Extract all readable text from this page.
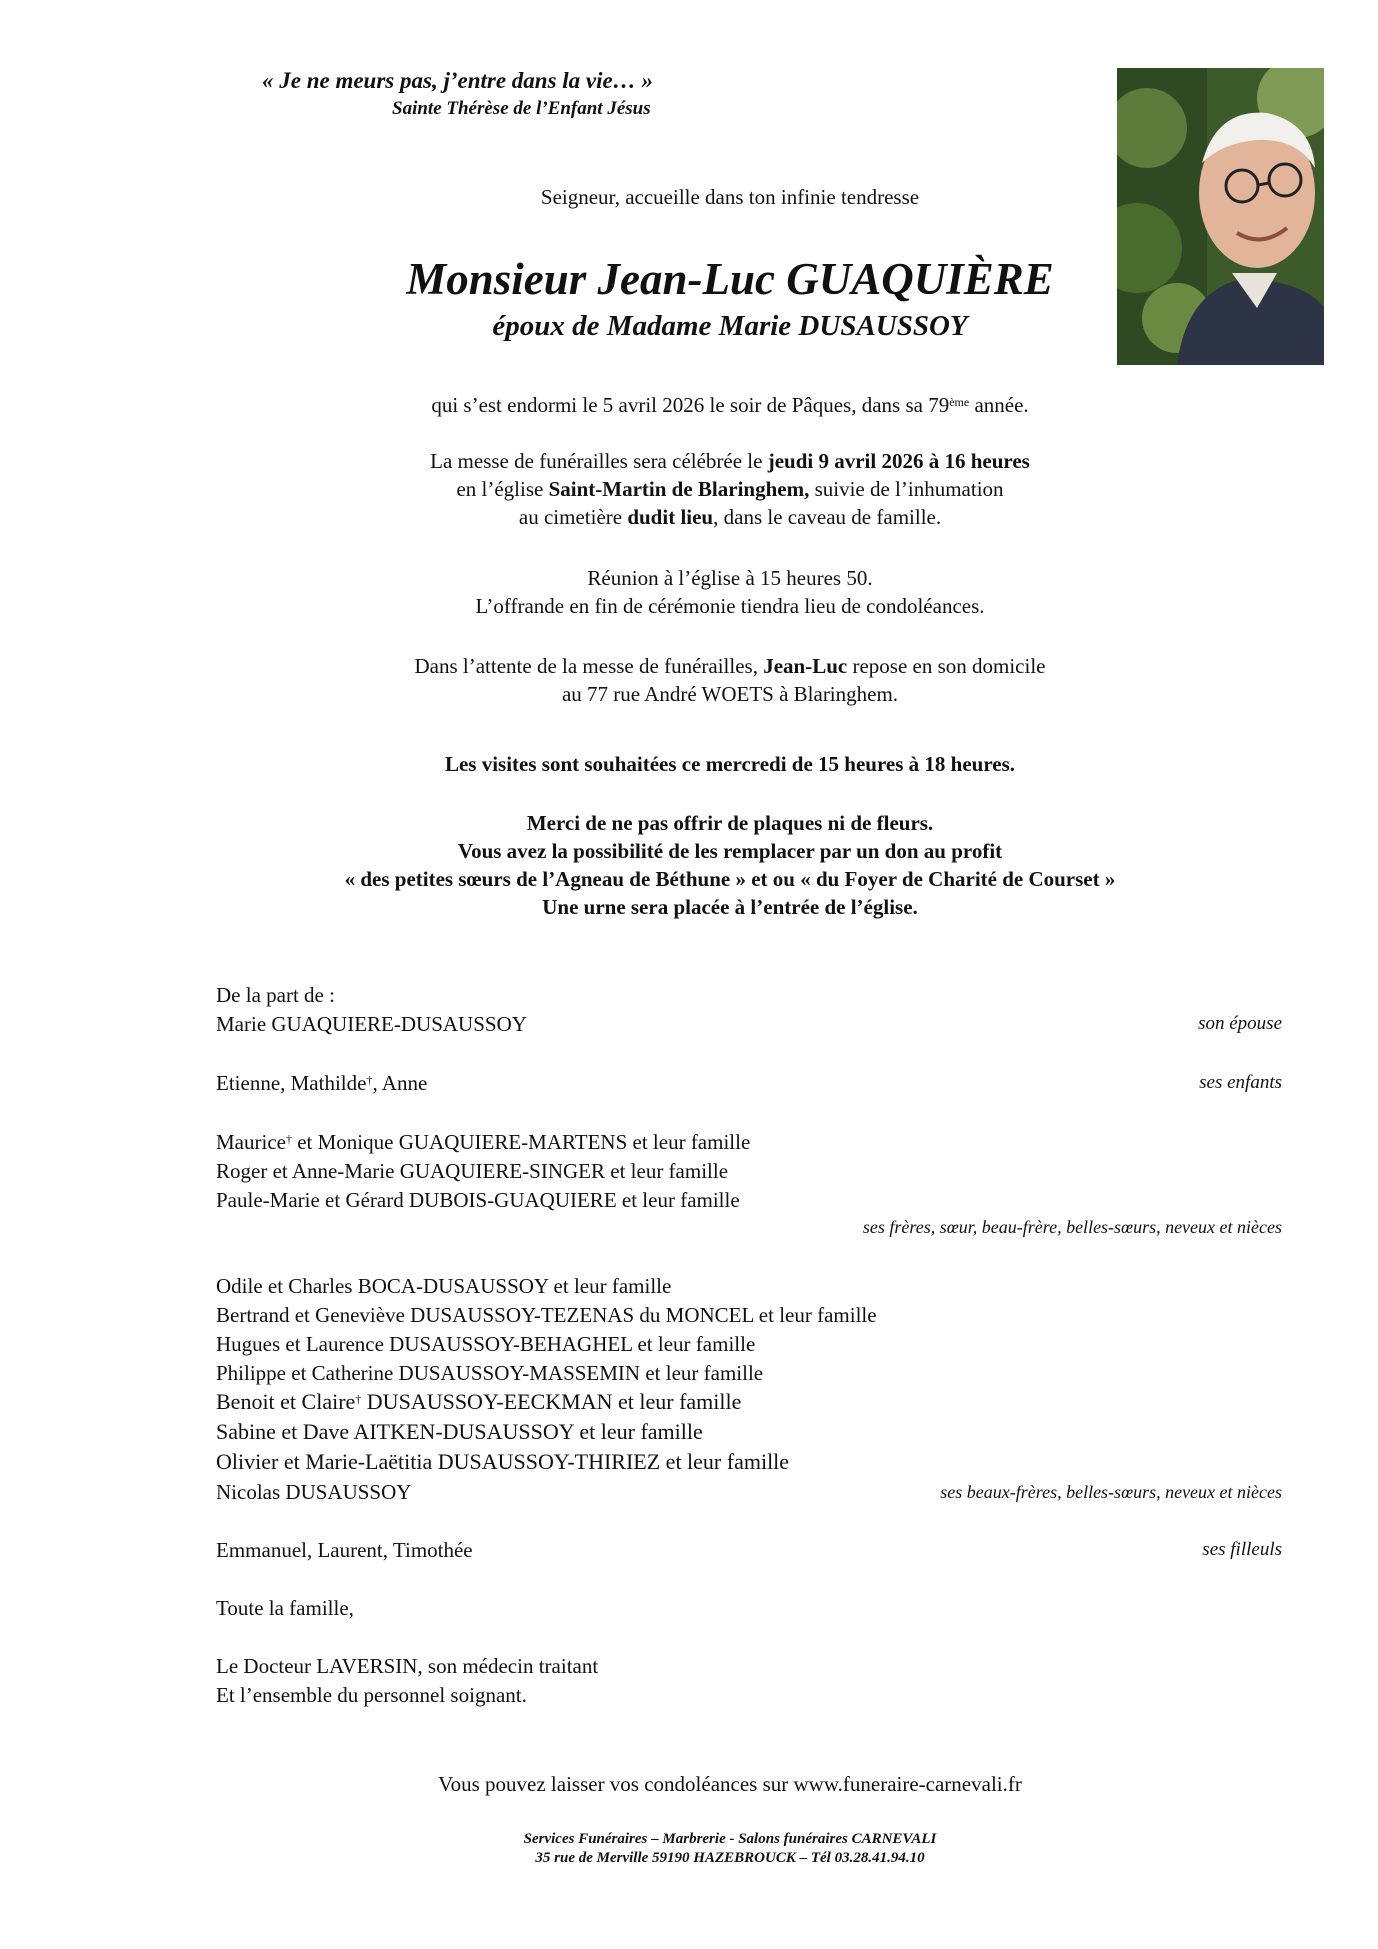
« Je ne meurs pas, j’entre dans la vie… »
Sainte Thérèse de l’Enfant Jésus
Seigneur, accueille dans ton infinie tendresse
Monsieur Jean-Luc GUAQUIÈRE
époux de Madame Marie DUSAUSSOY
qui s’est endormi le 5 avril 2026 le soir de Pâques, dans sa 79ème année.
La messe de funérailles sera célébrée le jeudi 9 avril 2026 à 16 heures
en l’église Saint-Martin de Blaringhem, suivie de l’inhumation
au cimetière dudit lieu, dans le caveau de famille.
Réunion à l’église à 15 heures 50.
L’offrande en fin de cérémonie tiendra lieu de condoléances.
Dans l’attente de la messe de funérailles, Jean-Luc repose en son domicile
au 77 rue André WOETS à Blaringhem.
Les visites sont souhaitées ce mercredi de 15 heures à 18 heures.
Merci de ne pas offrir de plaques ni de fleurs.
Vous avez la possibilité de les remplacer par un don au profit
« des petites sœurs de l’Agneau de Béthune » et ou « du Foyer de Charité de Courset »
Une urne sera placée à l’entrée de l’église.
De la part de :
Marie GUAQUIERE-DUSAUSSOY	son épouse
Etienne, Mathilde†, Anne	ses enfants
Maurice† et Monique GUAQUIERE-MARTENS et leur famille
Roger et Anne-Marie GUAQUIERE-SINGER et leur famille
Paule-Marie et Gérard DUBOIS-GUAQUIERE et leur famille
ses frères, sœur, beau-frère, belles-sœurs, neveux et nièces
Odile et Charles BOCA-DUSAUSSOY et leur famille
Bertrand et Geneviève DUSAUSSOY-TEZENAS du MONCEL et leur famille
Hugues et Laurence DUSAUSSOY-BEHAGHEL et leur famille
Philippe et Catherine DUSAUSSOY-MASSEMIN et leur famille
Benoit et Claire† DUSAUSSOY-EECKMAN et leur famille
Sabine et Dave AITKEN-DUSAUSSOY et leur famille
Olivier et Marie-Laëtitia DUSAUSSOY-THIRIEZ et leur famille
Nicolas DUSAUSSOY	ses beaux-frères, belles-sœurs, neveux et nièces
Emmanuel, Laurent, Timothée	ses filleuls
Toute la famille,
Le Docteur LAVERSIN, son médecin traitant
Et l’ensemble du personnel soignant.
Vous pouvez laisser vos condoléances sur www.funeraire-carnevali.fr
Services Funéraires – Marbrerie - Salons funéraires CARNEVALI
35 rue de Merville 59190 HAZEBROUCK – Tél 03.28.41.94.10
